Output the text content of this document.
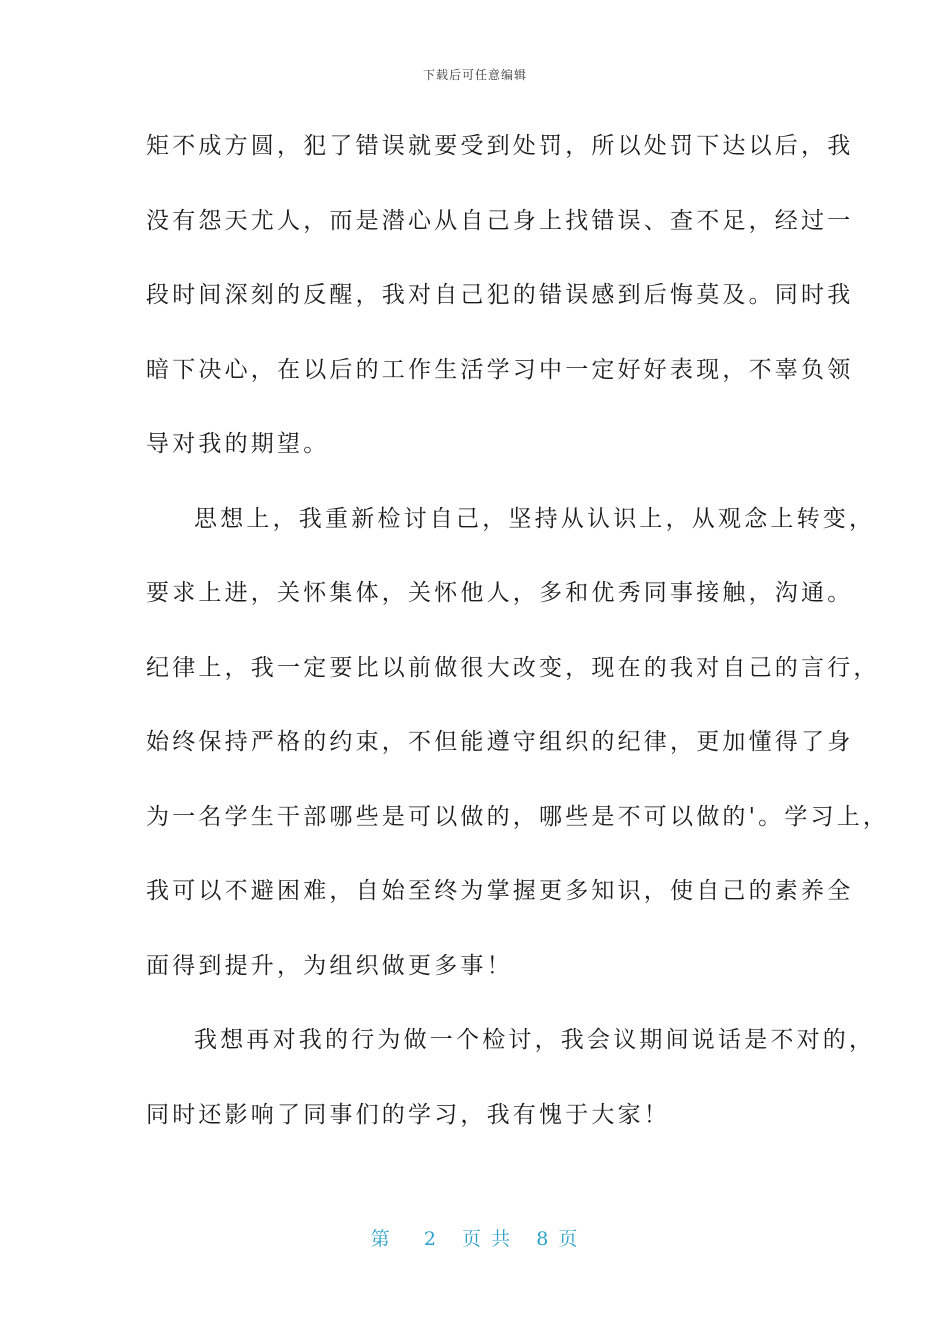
下载后可任意编辑
矩不成方圆，犯了错误就要受到处罚，所以处罚下达以后，我
没有怨天尤人，而是潜心从自己身上找错误、查不足，经过一
段时间深刻的反醒，我对自己犯的错误感到后悔莫及。同时我
暗下决心，在以后的工作生活学习中一定好好表现，不辜负领
导对我的期望。
思想上，我重新检讨自己，坚持从认识上，从观念上转变，
要求上进，关怀集体，关怀他人，多和优秀同事接触，沟通。
纪律上，我一定要比以前做很大改变，现在的我对自己的言行，
始终保持严格的约束，不但能遵守组织的纪律，更加懂得了身
为一名学生干部哪些是可以做的，哪些是不可以做的'。学习上，
我可以不避困难，自始至终为掌握更多知识，使自己的素养全
面得到提升，为组织做更多事！
我想再对我的行为做一个检讨，我会议期间说话是不对的，
同时还影响了同事们的学习，我有愧于大家！
第 2 页 共 8 页
